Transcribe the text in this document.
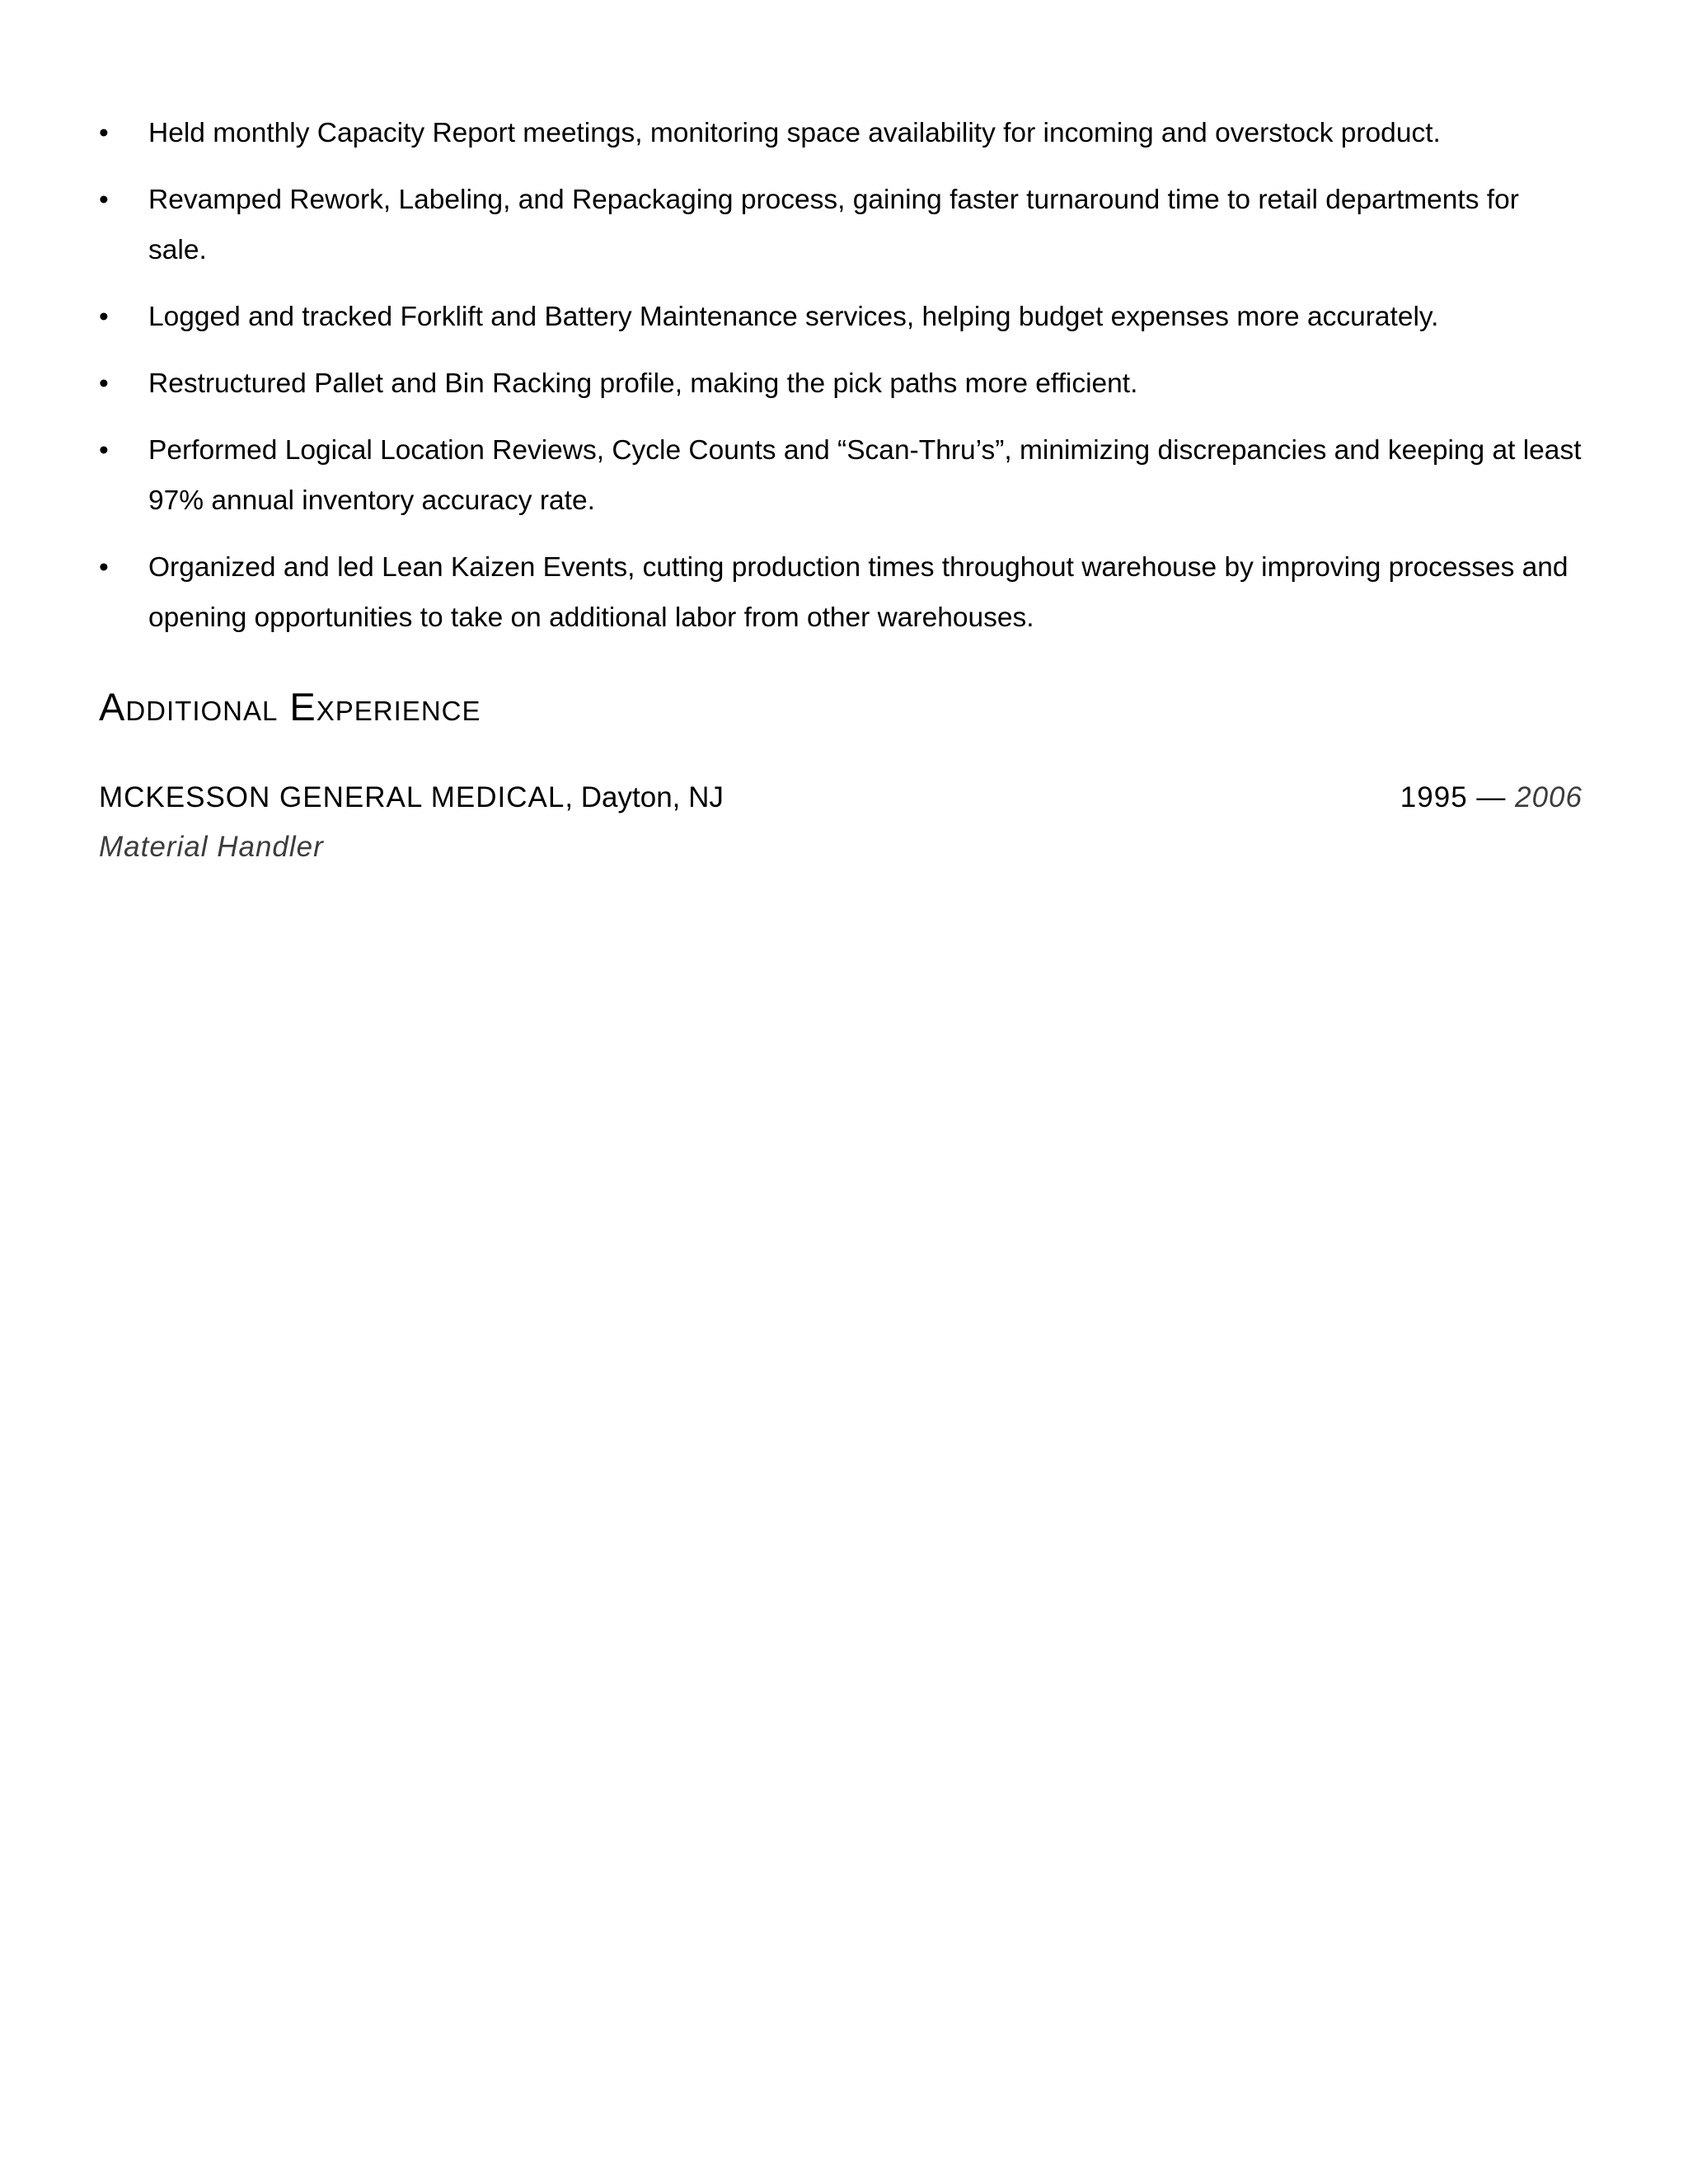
•	Held monthly Capacity Report meetings, monitoring space availability for incoming and overstock product.
•	Revamped Rework, Labeling, and Repackaging process, gaining faster turnaround time to retail departments for sale.
•	Logged and tracked Forklift and Battery Maintenance services, helping budget expenses more accurately.
•	Restructured Pallet and Bin Racking profile, making the pick paths more efficient.
•	Performed Logical Location Reviews, Cycle Counts and “Scan-Thru’s”, minimizing discrepancies and keeping at least 97% annual inventory accuracy rate.
•	Organized and led Lean Kaizen Events, cutting production times throughout warehouse by improving processes and opening opportunities to take on additional labor from other warehouses.
Additional Experience
MCKESSON GENERAL MEDICAL, Dayton, NJ	1995 — 2006
Material Handler
